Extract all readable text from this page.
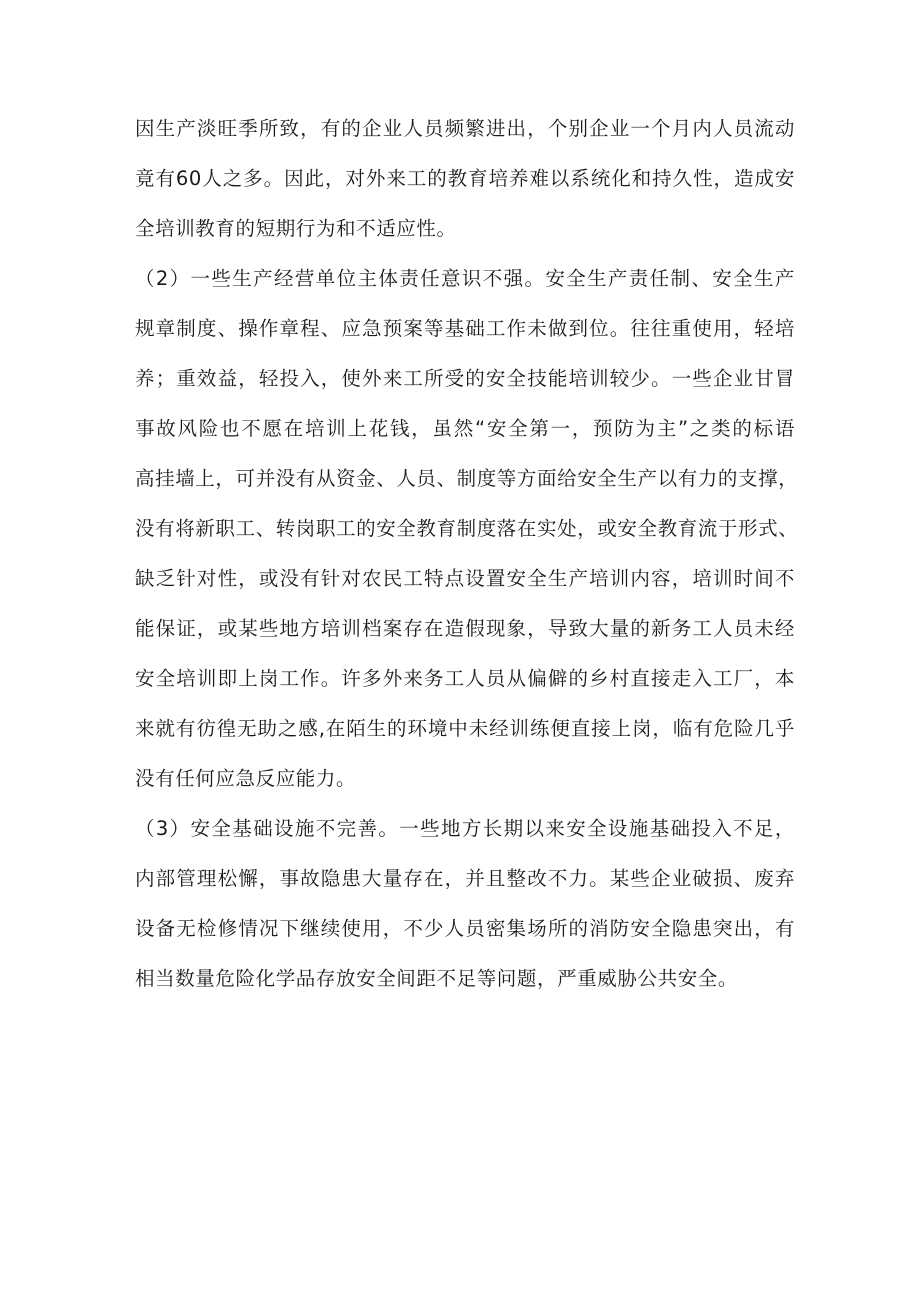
因生产淡旺季所致，有的企业人员频繁进出，个别企业一个月内人员流动
竟有60人之多。因此，对外来工的教育培养难以系统化和持久性，造成安
全培训教育的短期行为和不适应性。
（2）一些生产经营单位主体责任意识不强。安全生产责任制、安全生产
规章制度、操作章程、应急预案等基础工作未做到位。往往重使用，轻培
养；重效益，轻投入，使外来工所受的安全技能培训较少。一些企业甘冒
事故风险也不愿在培训上花钱，虽然“安全第一，预防为主”之类的标语
高挂墙上，可并没有从资金、人员、制度等方面给安全生产以有力的支撑，
没有将新职工、转岗职工的安全教育制度落在实处，或安全教育流于形式、
缺乏针对性，或没有针对农民工特点设置安全生产培训内容，培训时间不
能保证，或某些地方培训档案存在造假现象，导致大量的新务工人员未经
安全培训即上岗工作。许多外来务工人员从偏僻的乡村直接走入工厂，本
来就有彷徨无助之感,在陌生的环境中未经训练便直接上岗，临有危险几乎
没有任何应急反应能力。
（3）安全基础设施不完善。一些地方长期以来安全设施基础投入不足，
内部管理松懈，事故隐患大量存在，并且整改不力。某些企业破损、废弃
设备无检修情况下继续使用，不少人员密集场所的消防安全隐患突出，有
相当数量危险化学品存放安全间距不足等问题，严重威胁公共安全。
